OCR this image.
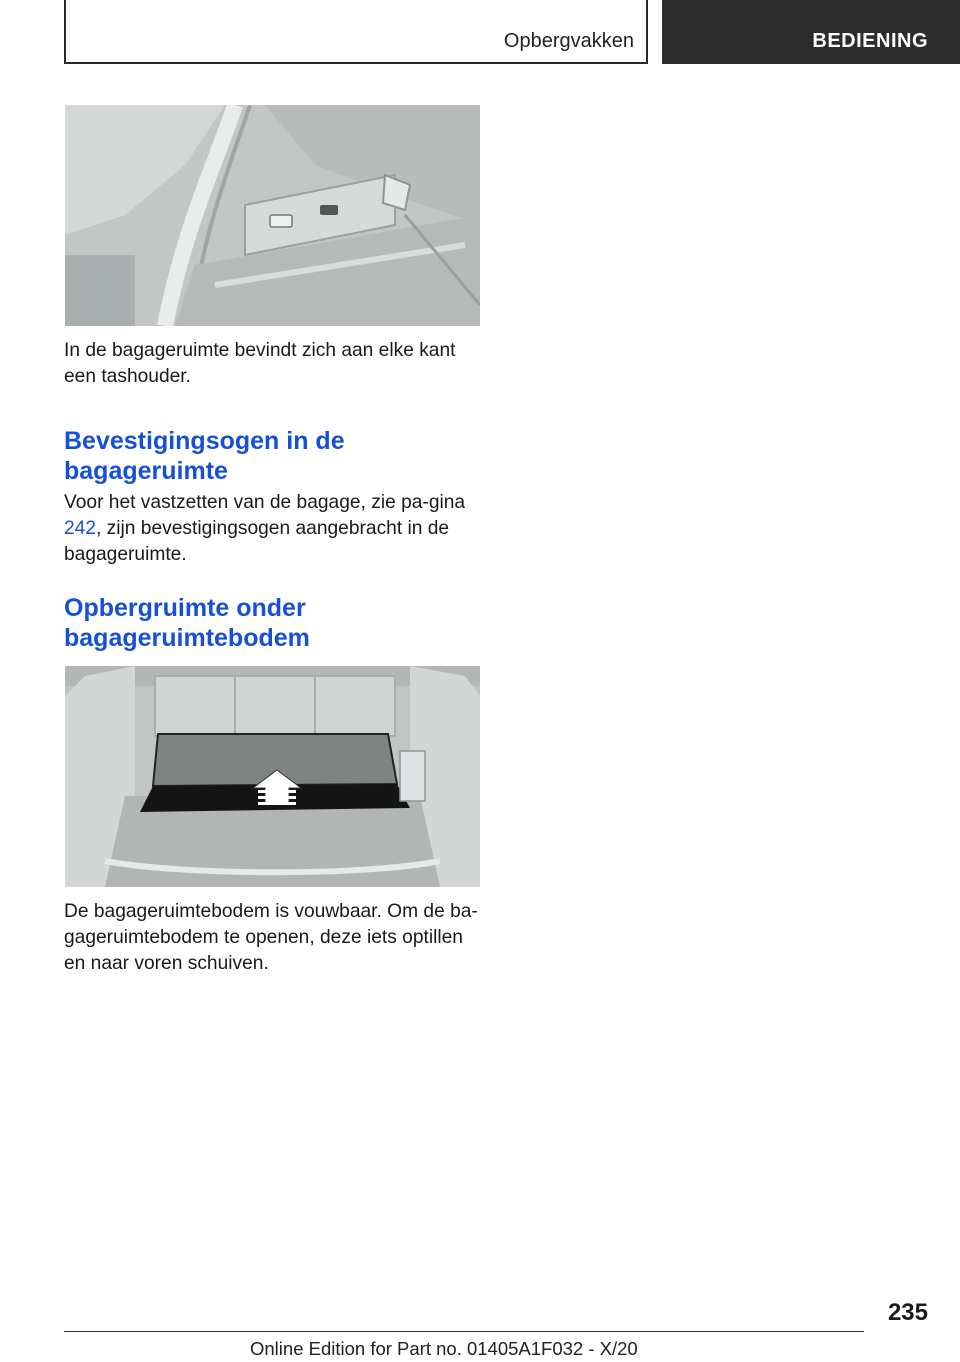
Opbergvakken	BEDIENING

In de bagageruimte bevindt zich aan elke kant een tashouder.

Bevestigingsogen in de bagageruimte

Voor het vastzetten van de bagage, zie pa-gina 242, zijn bevestigingsogen aangebracht in de bagageruimte.

Opbergruimte onder bagageruimtebodem

De bagageruimtebodem is vouwbaar. Om de ba-gageruimtebodem te openen, deze iets optillen en naar voren schuiven.

235
Online Edition for Part no. 01405A1F032 - X/20
